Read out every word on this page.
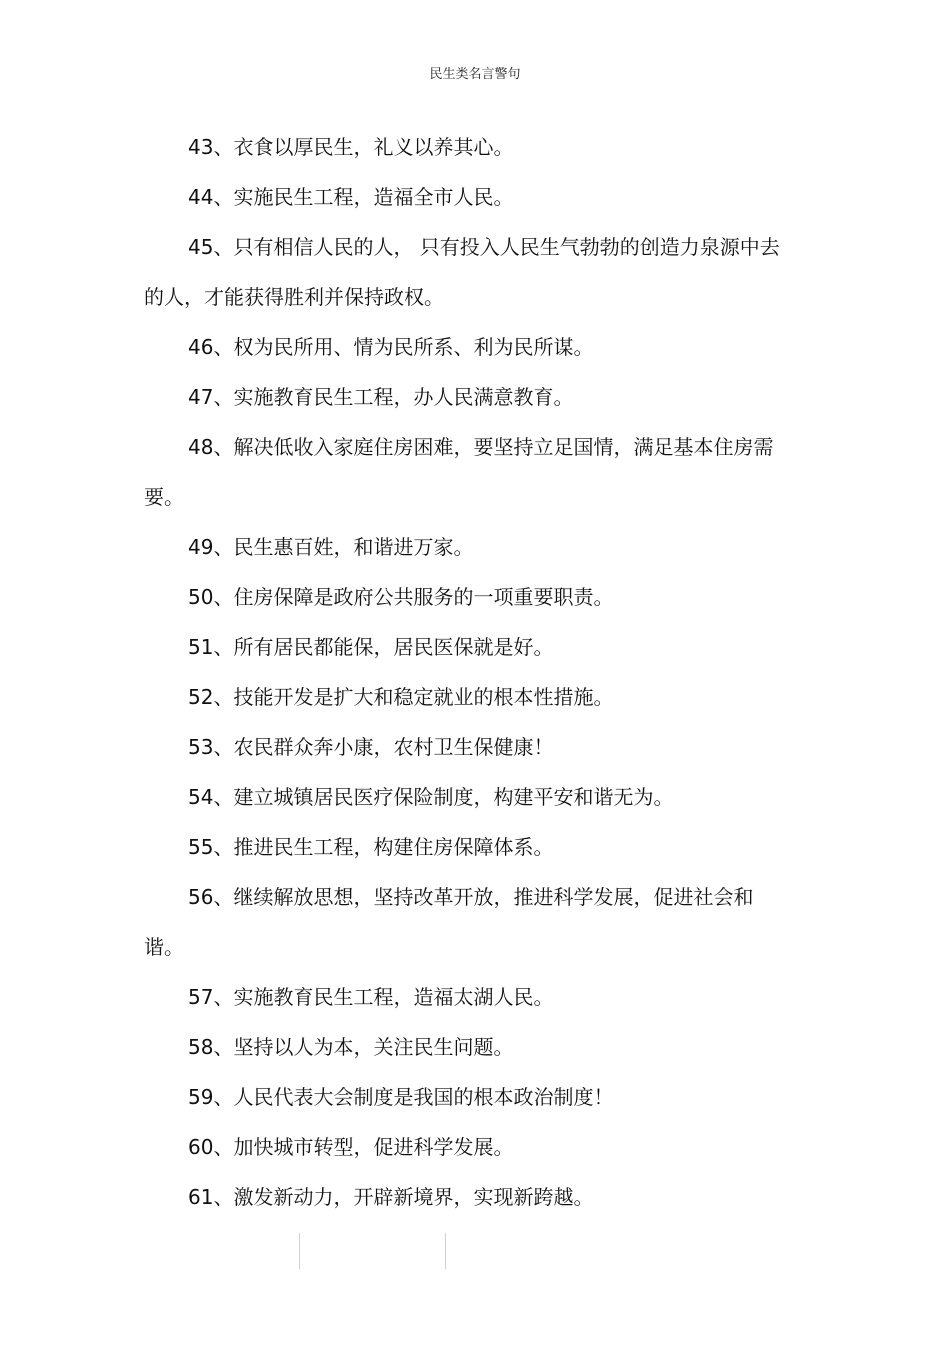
民生类名言警句

43、衣食以厚民生，礼义以养其心。

44、实施民生工程，造福全市人民。

45、只有相信人民的人， 只有投入人民生气勃勃的创造力泉源中去的人，才能获得胜利并保持政权。

46、权为民所用、情为民所系、利为民所谋。

47、实施教育民生工程，办人民满意教育。

48、解决低收入家庭住房困难，要坚持立足国情，满足基本住房需要。

49、民生惠百姓，和谐进万家。

50、住房保障是政府公共服务的一项重要职责。

51、所有居民都能保，居民医保就是好。

52、技能开发是扩大和稳定就业的根本性措施。

53、农民群众奔小康，农村卫生保健康！

54、建立城镇居民医疗保险制度，构建平安和谐无为。

55、推进民生工程，构建住房保障体系。

56、继续解放思想，坚持改革开放，推进科学发展，促进社会和谐。

57、实施教育民生工程，造福太湖人民。

58、坚持以人为本，关注民生问题。

59、人民代表大会制度是我国的根本政治制度！

60、加快城市转型，促进科学发展。

61、激发新动力，开辟新境界，实现新跨越。
